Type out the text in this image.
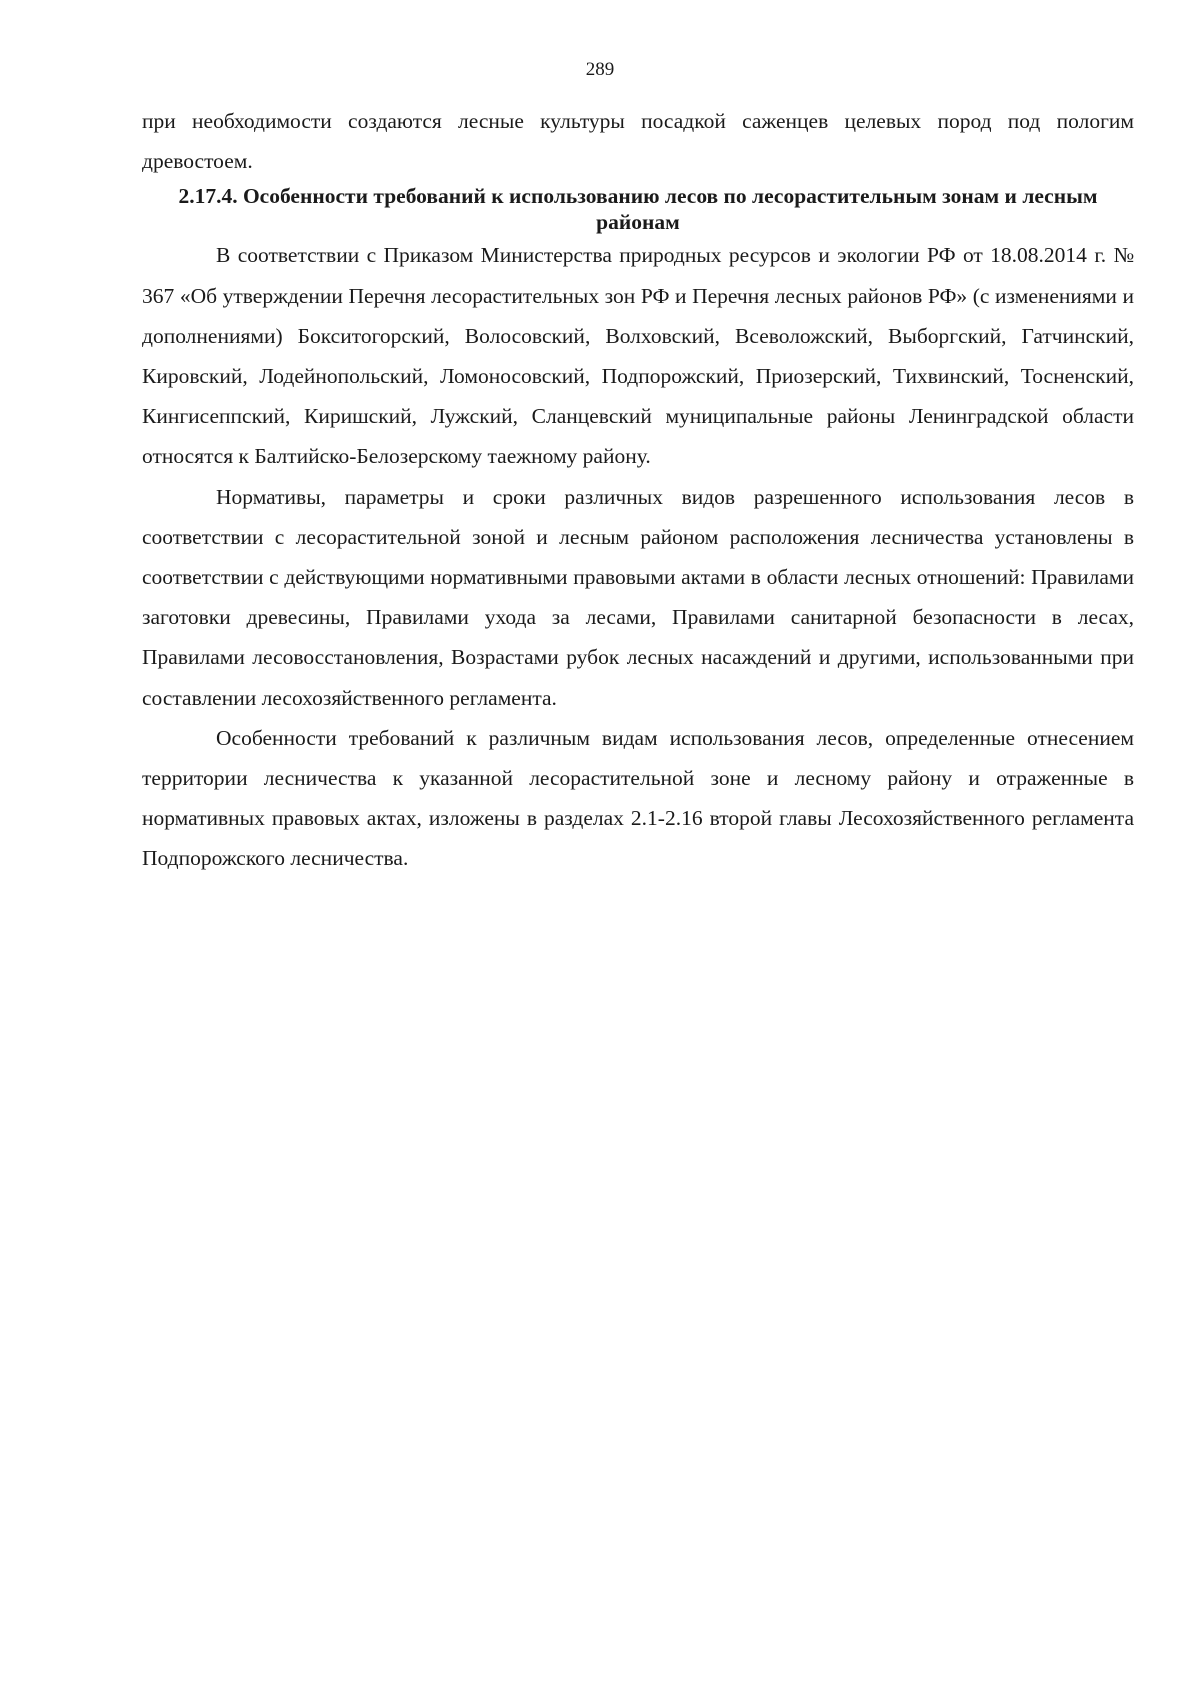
289

при необходимости создаются лесные культуры посадкой саженцев целевых пород под пологим древостоем.

2.17.4. Особенности требований к использованию лесов по лесорастительным зонам и лесным районам

В соответствии с Приказом Министерства природных ресурсов и экологии РФ от 18.08.2014 г. № 367 «Об утверждении Перечня лесорастительных зон РФ и Перечня лесных районов РФ» (с изменениями и дополнениями) Бокситогорский, Волосовский, Волховский, Всеволожский, Выборгский, Гатчинский, Кировский, Лодейнопольский, Ломоносовский, Подпорожский, Приозерский, Тихвинский, Тосненский, Кингисеппский, Киришский, Лужский, Сланцевский муниципальные районы Ленинградской области относятся к Балтийско-Белозерскому таежному району.

Нормативы, параметры и сроки различных видов разрешенного использования лесов в соответствии с лесорастительной зоной и лесным районом расположения лесничества установлены в соответствии с действующими нормативными правовыми актами в области лесных отношений: Правилами заготовки древесины, Правилами ухода за лесами, Правилами санитарной безопасности в лесах, Правилами лесовосстановления, Возрастами рубок лесных насаждений и другими, использованными при составлении лесохозяйственного регламента.

Особенности требований к различным видам использования лесов, определенные отнесением территории лесничества к указанной лесорастительной зоне и лесному району и отраженные в нормативных правовых актах, изложены в разделах 2.1-2.16 второй главы Лесохозяйственного регламента Подпорожского лесничества.
